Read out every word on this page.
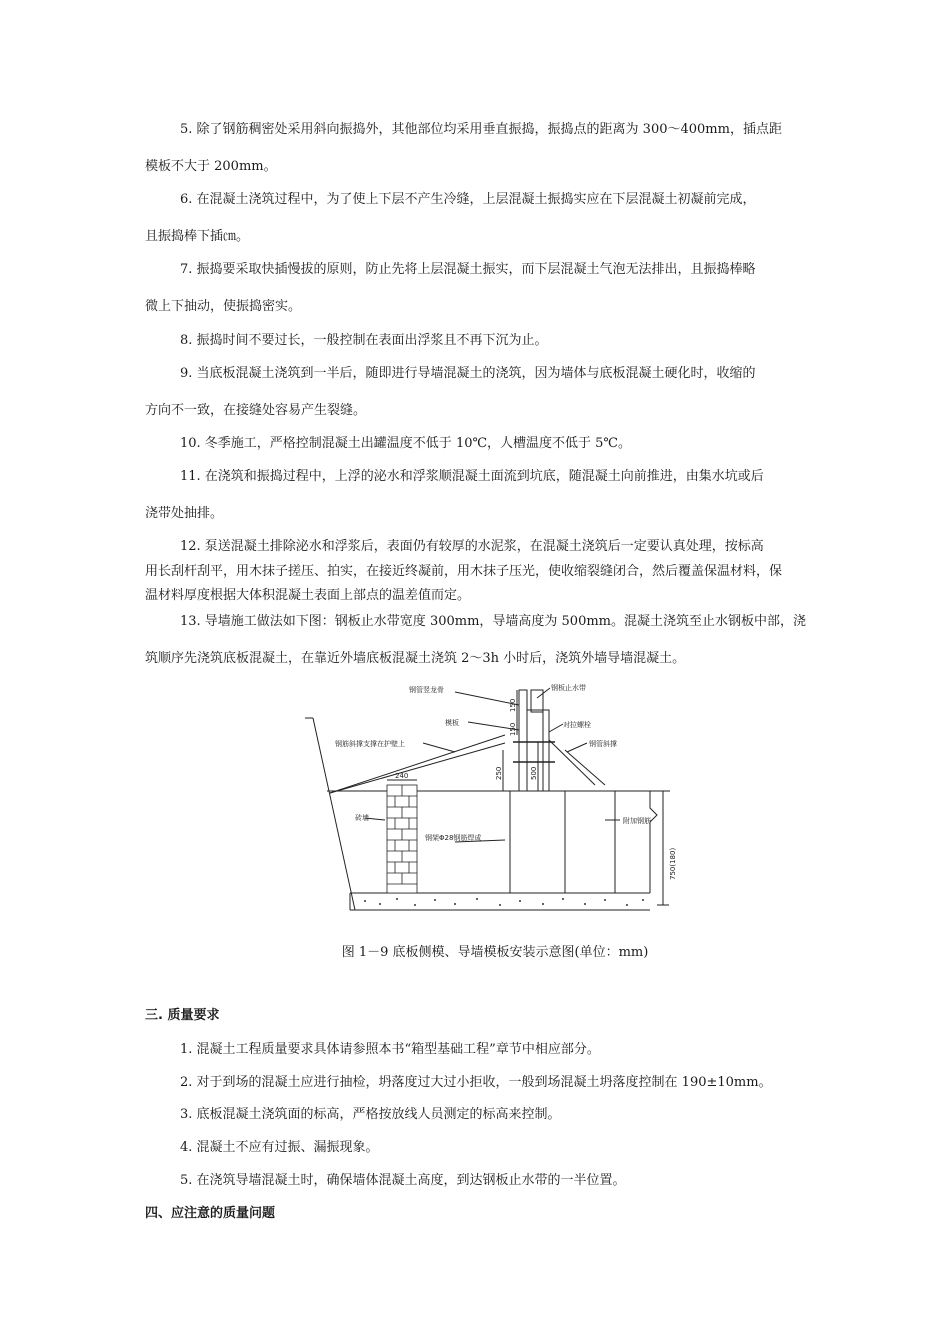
5. 除了钢筋稠密处采用斜向振捣外，其他部位均采用垂直振捣，振捣点的距离为 300～400mm，插点距
模板不大于 200mm。
6. 在混凝土浇筑过程中，为了使上下层不产生冷缝，上层混凝土振捣实应在下层混凝土初凝前完成，
且振捣棒下插㎝。
7. 振捣要采取快插慢拔的原则，防止先将上层混凝土振实，而下层混凝土气泡无法排出，且振捣棒略
微上下抽动，使振捣密实。
8. 振捣时间不要过长，一般控制在表面出浮浆且不再下沉为止。
9. 当底板混凝土浇筑到一半后，随即进行导墙混凝土的浇筑，因为墙体与底板混凝土硬化时，收缩的
方向不一致，在接缝处容易产生裂缝。
10. 冬季施工，严格控制混凝土出罐温度不低于 10℃，人槽温度不低于 5℃。
11. 在浇筑和振捣过程中，上浮的泌水和浮浆顺混凝土面流到坑底，随混凝土向前推进，由集水坑或后
浇带处抽排。
12. 泵送混凝土排除泌水和浮浆后，表面仍有较厚的水泥浆，在混凝土浇筑后一定要认真处理，按标高
用长刮杆刮平，用木抹子搓压、拍实，在接近终凝前，用木抹子压光，使收缩裂缝闭合，然后覆盖保温材料，保
温材料厚度根据大体积混凝土表面上部点的温差值而定。
13. 导墙施工做法如下图：钢板止水带宽度 300mm，导墙高度为 500mm。混凝土浇筑至止水钢板中部，浇
筑顺序先浇筑底板混凝土，在靠近外墙底板混凝土浇筑 2～3h 小时后，浇筑外墙导墙混凝土。
钢管竖龙骨	钢板止水带
模板	对拉螺栓
钢管斜撑
钢筋斜撑支撑在护壁上
砖墙
钢架Φ28钢筋焊成
附加钢筋
240	250	500
150
150
750(180)
图 1－9 底板侧模、导墙模板安装示意图(单位：mm)
三. 质量要求
1. 混凝土工程质量要求具体请参照本书“箱型基础工程”章节中相应部分。
2. 对于到场的混凝土应进行抽检，坍落度过大过小拒收，一般到场混凝土坍落度控制在 190±10mm。
3. 底板混凝土浇筑面的标高，严格按放线人员测定的标高来控制。
4. 混凝土不应有过振、漏振现象。
5. 在浇筑导墙混凝土时，确保墙体混凝土高度，到达钢板止水带的一半位置。
四、应注意的质量问题
